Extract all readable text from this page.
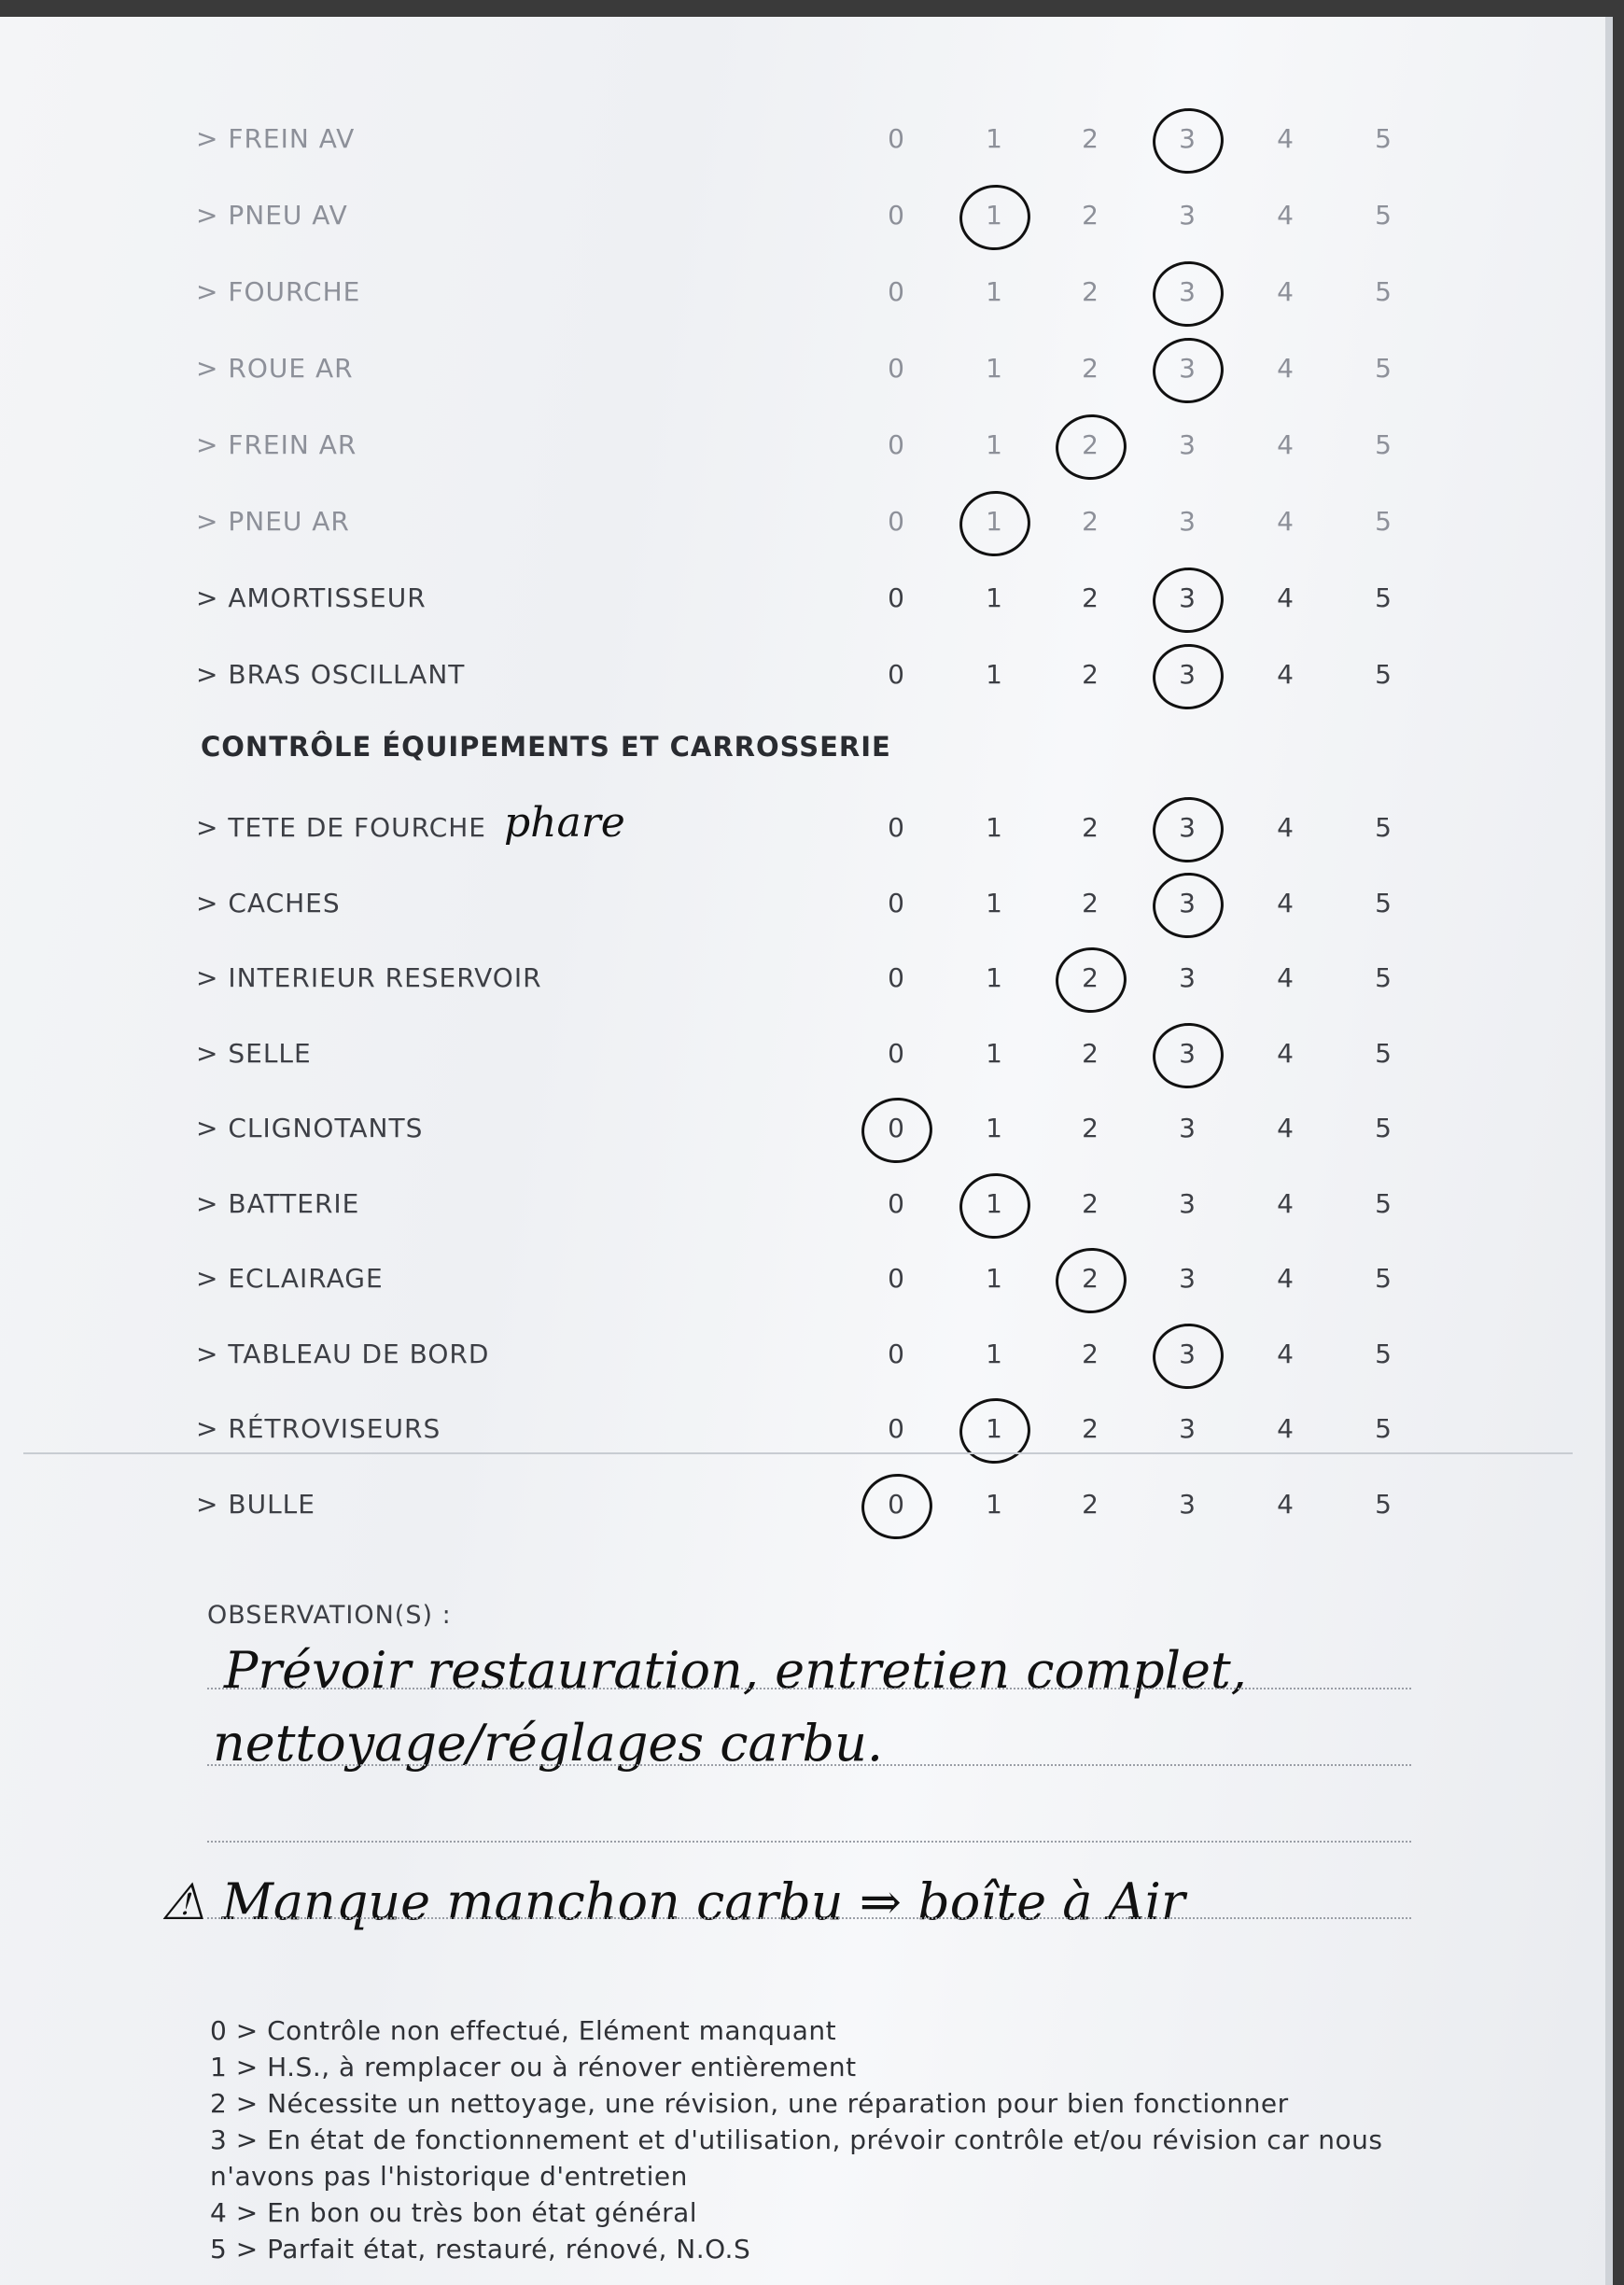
> FREIN AV	0	1	2	3	4	5
> PNEU AV	0	1	2	3	4	5
> FOURCHE	0	1	2	3	4	5
> ROUE AR	0	1	2	3	4	5
> FREIN AR	0	1	2	3	4	5
> PNEU AR	0	1	2	3	4	5
> AMORTISSEUR	0	1	2	3	4	5
> BRAS OSCILLANT	0	1	2	3	4	5
CONTRÔLE ÉQUIPEMENTS ET CARROSSERIE
> TETE DE FOURCHE phare	0	1	2	3	4	5
> CACHES	0	1	2	3	4	5
> INTERIEUR RESERVOIR	0	1	2	3	4	5
> SELLE	0	1	2	3	4	5
> CLIGNOTANTS	0	1	2	3	4	5
> BATTERIE	0	1	2	3	4	5
> ECLAIRAGE	0	1	2	3	4	5
> TABLEAU DE BORD	0	1	2	3	4	5
> RÉTROVISEURS	0	1	2	3	4	5
> BULLE	0	1	2	3	4	5
OBSERVATION(S) :
Prévoir restauration, entretien complet,
nettoyage/réglages carbu.
⚠ Manque manchon carbu ⇒ boîte à Air
0 > Contrôle non effectué, Elément manquant
1 > H.S., à remplacer ou à rénover entièrement
2 > Nécessite un nettoyage, une révision, une réparation pour bien fonctionner
3 > En état de fonctionnement et d'utilisation, prévoir contrôle et/ou révision car nous
n'avons pas l'historique d'entretien
4 > En bon ou très bon état général
5 > Parfait état, restauré, rénové, N.O.S
